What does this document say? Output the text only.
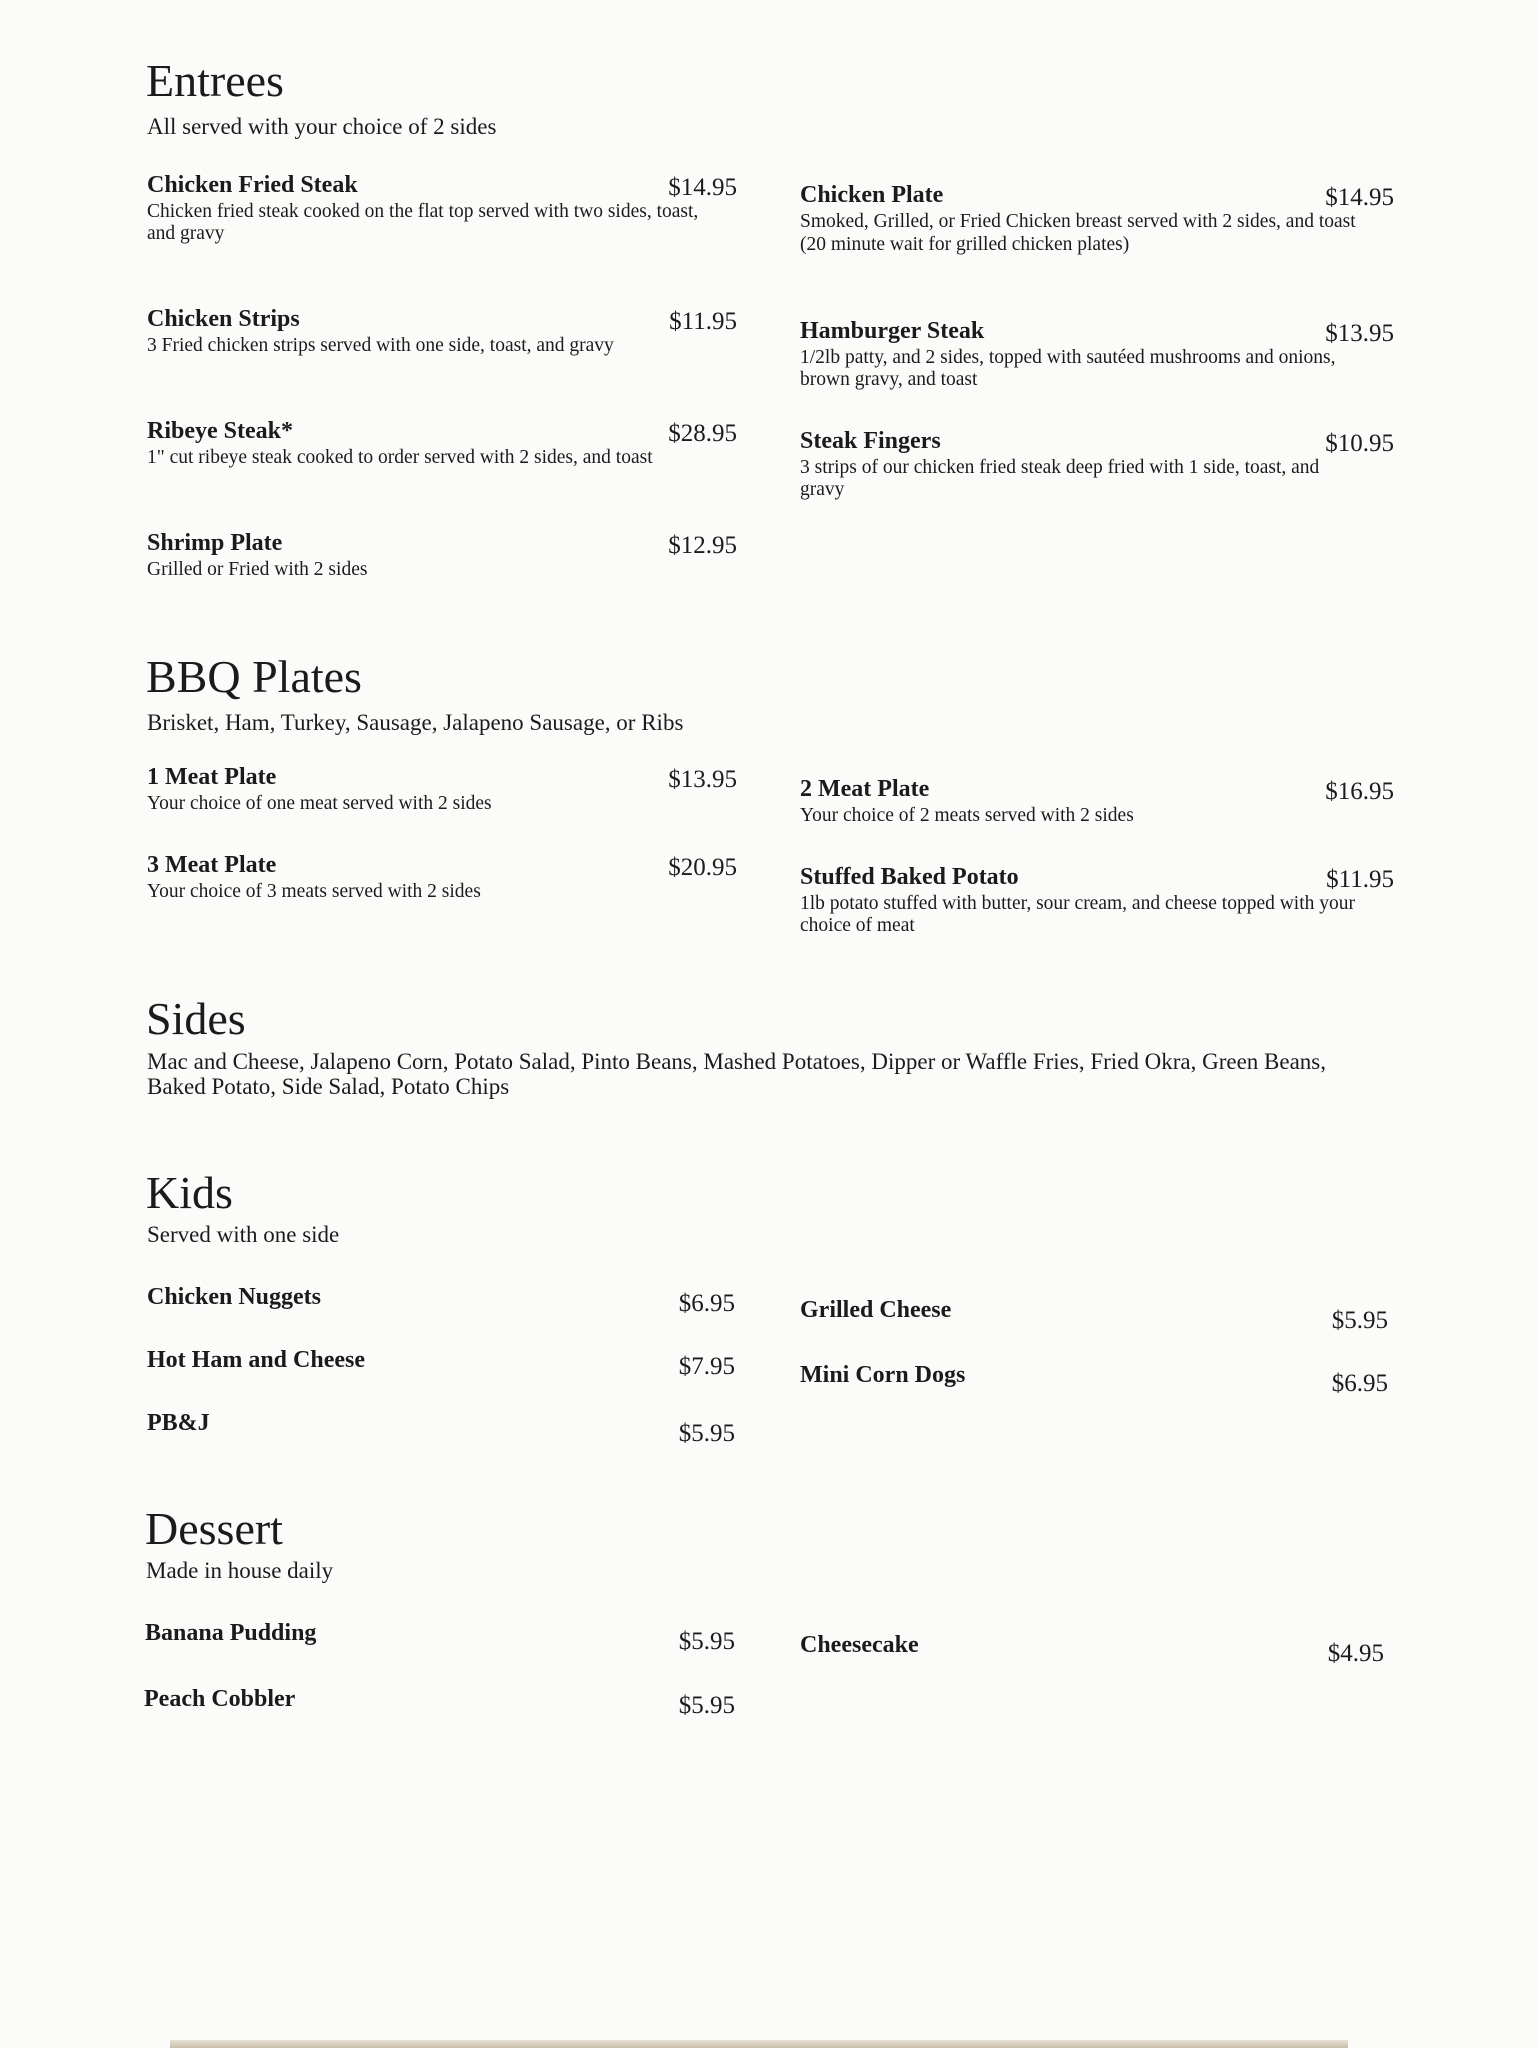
Entrees
All served with your choice of 2 sides
Chicken Fried Steak	$14.95
Chicken fried steak cooked on the flat top served with two sides, toast, and gravy
Chicken Strips	$11.95
3 Fried chicken strips served with one side, toast, and gravy
Ribeye Steak*	$28.95
1" cut ribeye steak cooked to order served with 2 sides, and toast
Shrimp Plate	$12.95
Grilled or Fried with 2 sides
Chicken Plate	$14.95
Smoked, Grilled, or Fried Chicken breast served with 2 sides, and toast
(20 minute wait for grilled chicken plates)
Hamburger Steak	$13.95
1/2lb patty, and 2 sides, topped with sautéed mushrooms and onions, brown gravy, and toast
Steak Fingers	$10.95
3 strips of our chicken fried steak deep fried with 1 side, toast, and gravy
BBQ Plates
Brisket, Ham, Turkey, Sausage, Jalapeno Sausage, or Ribs
1 Meat Plate	$13.95
Your choice of one meat served with 2 sides
3 Meat Plate	$20.95
Your choice of 3 meats served with 2 sides
2 Meat Plate	$16.95
Your choice of 2 meats served with 2 sides
Stuffed Baked Potato	$11.95
1lb potato stuffed with butter, sour cream, and cheese topped with your choice of meat
Sides
Mac and Cheese, Jalapeno Corn, Potato Salad, Pinto Beans, Mashed Potatoes, Dipper or Waffle Fries, Fried Okra, Green Beans, Baked Potato, Side Salad, Potato Chips
Kids
Served with one side
Chicken Nuggets	$6.95
Hot Ham and Cheese	$7.95
PB&J	$5.95
Grilled Cheese	$5.95
Mini Corn Dogs	$6.95
Dessert
Made in house daily
Banana Pudding	$5.95
Peach Cobbler	$5.95
Cheesecake	$4.95
